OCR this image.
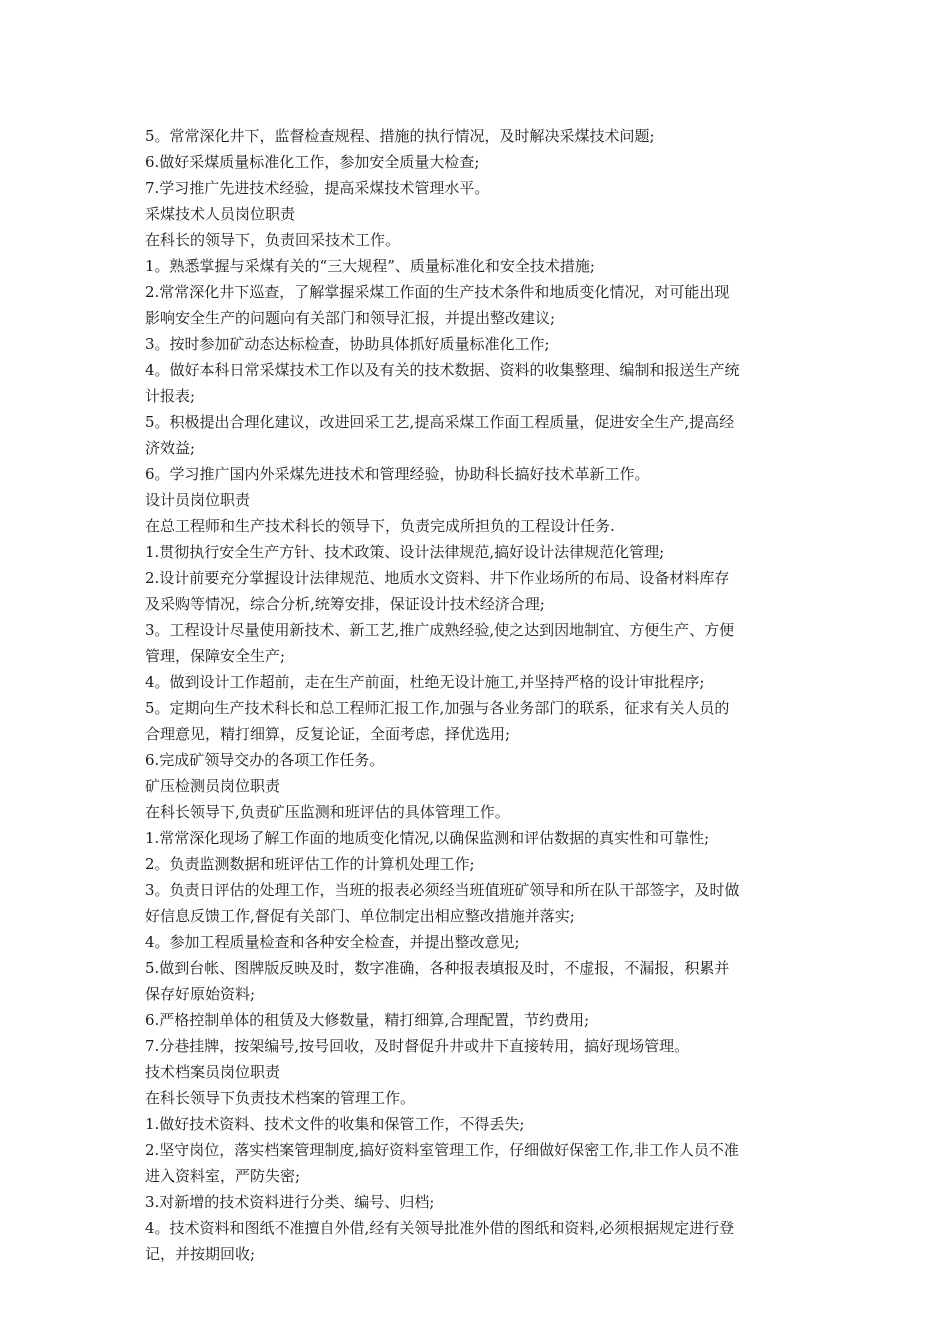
5。常常深化井下，监督检查规程、措施的执行情况，及时解决采煤技术问题;
6.做好采煤质量标准化工作，参加安全质量大检查;
7.学习推广先进技术经验，提高采煤技术管理水平。
采煤技术人员岗位职责
在科长的领导下，负责回采技术工作。
1。熟悉掌握与采煤有关的“三大规程”、质量标准化和安全技术措施;
2.常常深化井下巡查，了解掌握采煤工作面的生产技术条件和地质变化情况，对可能出现
影响安全生产的问题向有关部门和领导汇报，并提出整改建议;
3。按时参加矿动态达标检查，协助具体抓好质量标准化工作;
4。做好本科日常采煤技术工作以及有关的技术数据、资料的收集整理、编制和报送生产统
计报表;
5。积极提出合理化建议，改进回采工艺,提高采煤工作面工程质量，促进安全生产,提高经
济效益;
6。学习推广国内外采煤先进技术和管理经验，协助科长搞好技术革新工作。
设计员岗位职责
在总工程师和生产技术科长的领导下，负责完成所担负的工程设计任务.
1.贯彻执行安全生产方针、技术政策、设计法律规范,搞好设计法律规范化管理;
2.设计前要充分掌握设计法律规范、地质水文资料、井下作业场所的布局、设备材料库存
及采购等情况，综合分析,统筹安排，保证设计技术经济合理;
3。工程设计尽量使用新技术、新工艺,推广成熟经验,使之达到因地制宜、方便生产、方便
管理，保障安全生产;
4。做到设计工作超前，走在生产前面，杜绝无设计施工,并坚持严格的设计审批程序;
5。定期向生产技术科长和总工程师汇报工作,加强与各业务部门的联系，征求有关人员的
合理意见，精打细算，反复论证，全面考虑，择优选用;
6.完成矿领导交办的各项工作任务。
矿压检测员岗位职责
在科长领导下,负责矿压监测和班评估的具体管理工作。
1.常常深化现场了解工作面的地质变化情况,以确保监测和评估数据的真实性和可靠性;
2。负责监测数据和班评估工作的计算机处理工作;
3。负责日评估的处理工作，当班的报表必须经当班值班矿领导和所在队干部签字，及时做
好信息反馈工作,督促有关部门、单位制定出相应整改措施并落实;
4。参加工程质量检查和各种安全检查，并提出整改意见;
5.做到台帐、图牌版反映及时，数字准确，各种报表填报及时，不虚报，不漏报，积累并
保存好原始资料;
6.严格控制单体的租赁及大修数量，精打细算,合理配置，节约费用;
7.分巷挂牌，按架编号,按号回收，及时督促升井或井下直接转用，搞好现场管理。
技术档案员岗位职责
在科长领导下负责技术档案的管理工作。
1.做好技术资料、技术文件的收集和保管工作，不得丢失;
2.坚守岗位，落实档案管理制度,搞好资料室管理工作，仔细做好保密工作,非工作人员不准
进入资料室，严防失密;
3.对新增的技术资料进行分类、编号、归档;
4。技术资料和图纸不准擅自外借,经有关领导批准外借的图纸和资料,必须根据规定进行登
记，并按期回收;
